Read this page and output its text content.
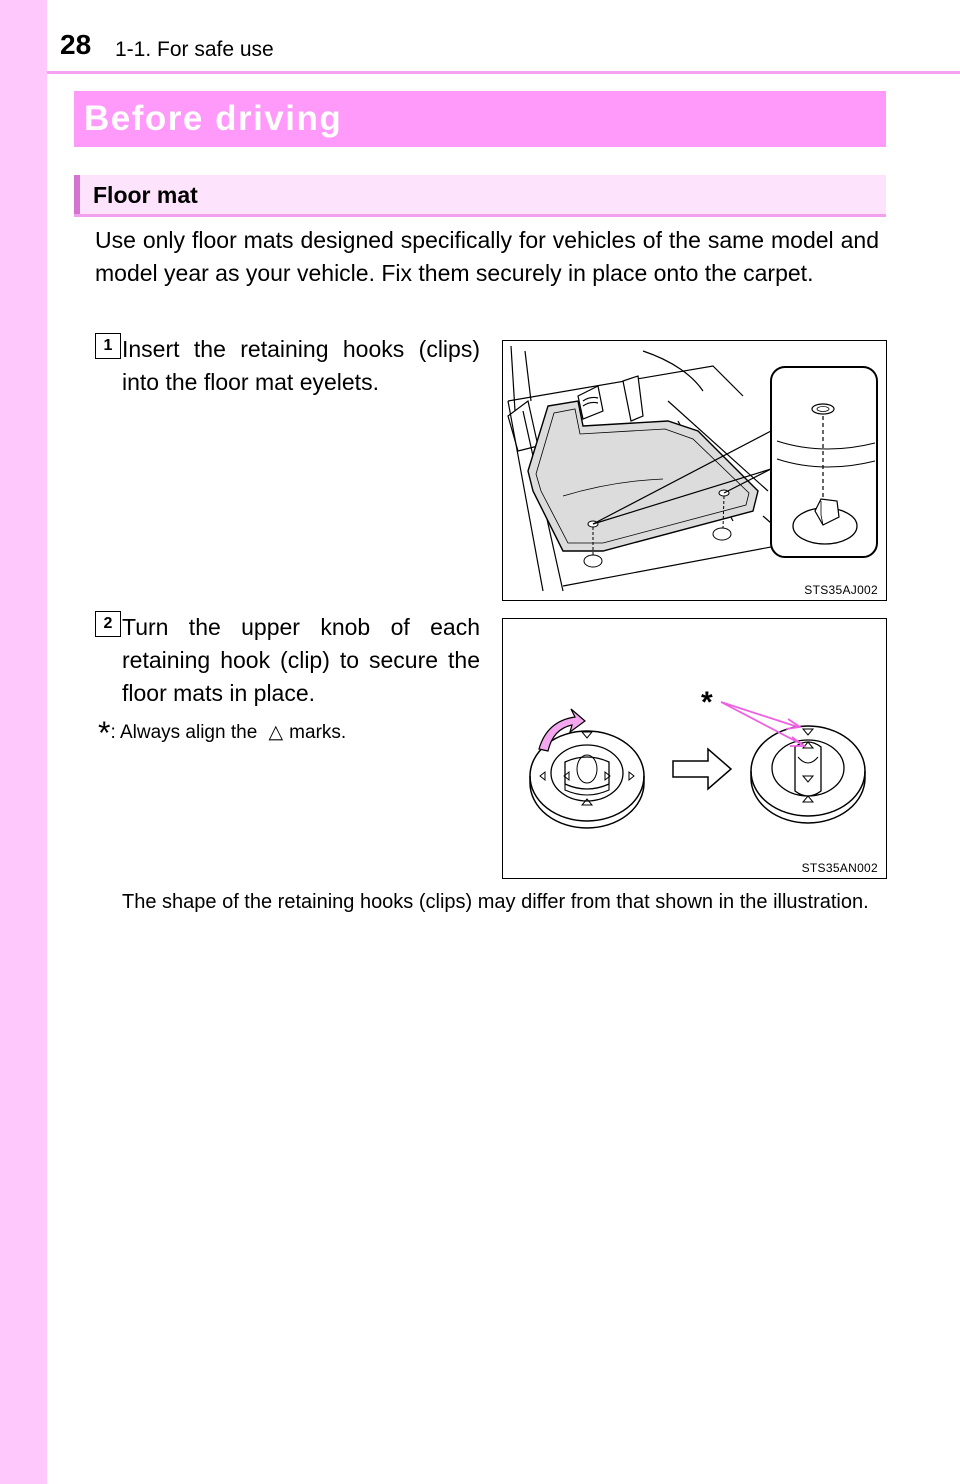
28 1-1. For safe use
Before driving
Floor mat

Use only floor mats designed specifically for vehicles of the same model and model year as your vehicle. Fix them securely in place onto the carpet.

1 Insert the retaining hooks (clips) into the floor mat eyelets.

STS35AJ002
2 Turn the upper knob of each retaining hook (clip) to secure the floor mats in place.

*: Always align the △ marks.
*
STS35AN002

The shape of the retaining hooks (clips) may differ from that shown in the illustration.
